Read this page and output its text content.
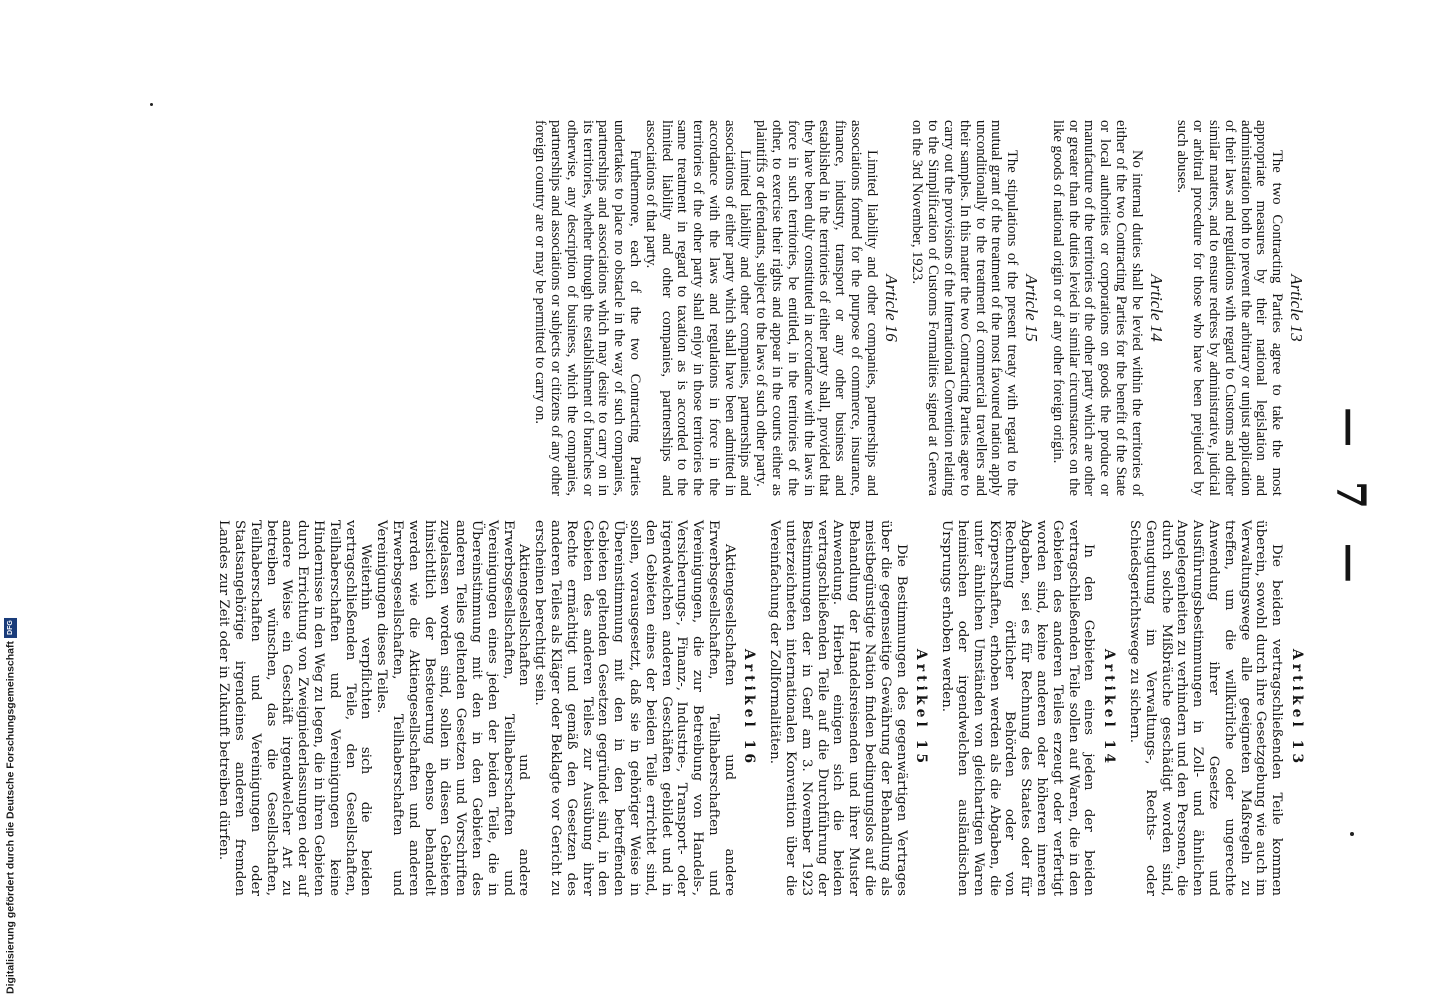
— 7 —
Article 13

The two Contracting Parties agree to take the most appropriate measures by their national legislation and administration both to prevent the arbitrary or unjust application of their laws and regulations with regard to Customs and other similar matters, and to ensure redress by administrative, judicial or arbitral procedure for those who have been prejudiced by such abuses.

Article 14

No internal duties shall be levied within the territories of either of the two Contracting Parties for the benefit of the State or local authorities or corporations on goods the produce or manufacture of the territories of the other party which are other or greater than the duties levied in similar circumstances on the like goods of national origin or of any other foreign origin.

Article 15

The stipulations of the present treaty with regard to the mutual grant of the treatment of the most favoured nation apply unconditionally to the treatment of commercial travellers and their samples. In this matter the two Contracting Parties agree to carry out the provisions of the International Convention relating to the Simplification of Customs Formalities signed at Geneva on the 3rd November, 1923.

Article 16

Limited liability and other companies, partnerships and associations formed for the purpose of commerce, insurance, finance, industry, transport or any other business and established in the territories of either party shall, provided that they have been duly constituted in accordance with the laws in force in such territories, be entitled, in the territories of the other, to exercise their rights and appear in the courts either as plaintiffs or defendants, subject to the laws of such other party.

Limited liability and other companies, partnerships and associations of either party which shall have been admitted in accordance with the laws and regulations in force in the territories of the other party shall enjoy in those territories the same treatment in regard to taxation as is accorded to the limited liability and other companies, partnerships and associations of that party.

Furthermore, each of the two Contracting Parties undertakes to place no obstacle in the way of such companies, partnerships and associations which may desire to carry on in its territories, whether through the establishment of branches or otherwise, any description of business, which the companies, partnerships and associations or subjects or citizens of any other foreign country are or may be permitted to carry on.

Artikel 13

Die beiden vertragschließenden Teile kommen überein, sowohl durch ihre Gesetzgebung wie auch im Verwaltungswege alle geeigneten Maßregeln zu treffen, um die willkürliche oder ungerechte Anwendung ihrer Gesetze und Ausführungsbestimmungen in Zoll- und ähnlichen Angelegenheiten zu verhindern und den Personen, die durch solche Mißbräuche geschädigt worden sind, Genugtuung im Verwaltungs-, Rechts- oder Schiedsgerichtswege zu sichern.

Artikel 14

In den Gebieten eines jeden der beiden vertragschließenden Teile sollen auf Waren, die in den Gebieten des anderen Teiles erzeugt oder verfertigt worden sind, keine anderen oder höheren inneren Abgaben, sei es für Rechnung des Staates oder für Rechnung örtlicher Behörden oder von Körperschaften, erhoben werden als die Abgaben, die unter ähnlichen Umständen von gleichartigen Waren heimischen oder irgendwelchen ausländischen Ursprungs erhoben werden.

Artikel 15

Die Bestimmungen des gegenwärtigen Vertrages über die gegenseitige Gewährung der Behandlung als meistbegünstigte Nation finden bedingungslos auf die Behandlung der Handelsreisenden und ihrer Muster Anwendung. Hierbei einigen sich die beiden vertragschließenden Teile auf die Durchführung der Bestimmungen der in Genf am 3. November 1923 unterzeichneten internationalen Konvention über die Vereinfachung der Zollformalitäten.

Artikel 16

Aktiengesellschaften und andere Erwerbsgesellschaften, Teilhaberschaften und Vereinigungen, die zur Betreibung von Handels-, Versicherungs-, Finanz-, Industrie-, Transport- oder irgendwelchen anderen Geschäften gebildet und in den Gebieten eines der beiden Teile errichtet sind, sollen, vorausgesetzt, daß sie in gehöriger Weise in Übereinstimmung mit den in den betreffenden Gebieten geltenden Gesetzen gegründet sind, in den Gebieten des anderen Teiles zur Ausübung ihrer Rechte ermächtigt und gemäß den Gesetzen des anderen Teiles als Kläger oder Beklagte vor Gericht zu erscheinen berechtigt sein.

Aktiengesellschaften und andere Erwerbsgesellschaften, Teilhaberschaften und Vereinigungen eines jeden der beiden Teile, die in Übereinstimmung mit den in den Gebieten des anderen Teiles geltenden Gesetzen und Vorschriften zugelassen worden sind, sollen in diesen Gebieten hinsichtlich der Besteuerung ebenso behandelt werden wie die Aktiengesellschaften und anderen Erwerbsgesellschaften, Teilhaberschaften und Vereinigungen dieses Teiles.

Weiterhin verpflichten sich die beiden vertragschließenden Teile, den Gesellschaften, Teilhaberschaften und Vereinigungen keine Hindernisse in den Weg zu legen, die in ihren Gebieten durch Errichtung von Zweigniederlassungen oder auf andere Weise ein Geschäft irgendwelcher Art zu betreiben wünschen, das die Gesellschaften, Teilhaberschaften und Vereinigungen oder Staatsangehörige irgendeines anderen fremden Landes zur Zeit oder in Zukunft betreiben dürfen.

Digitalisierung gefördert durch die Deutsche Forschungsgemeinschaft
DFG
